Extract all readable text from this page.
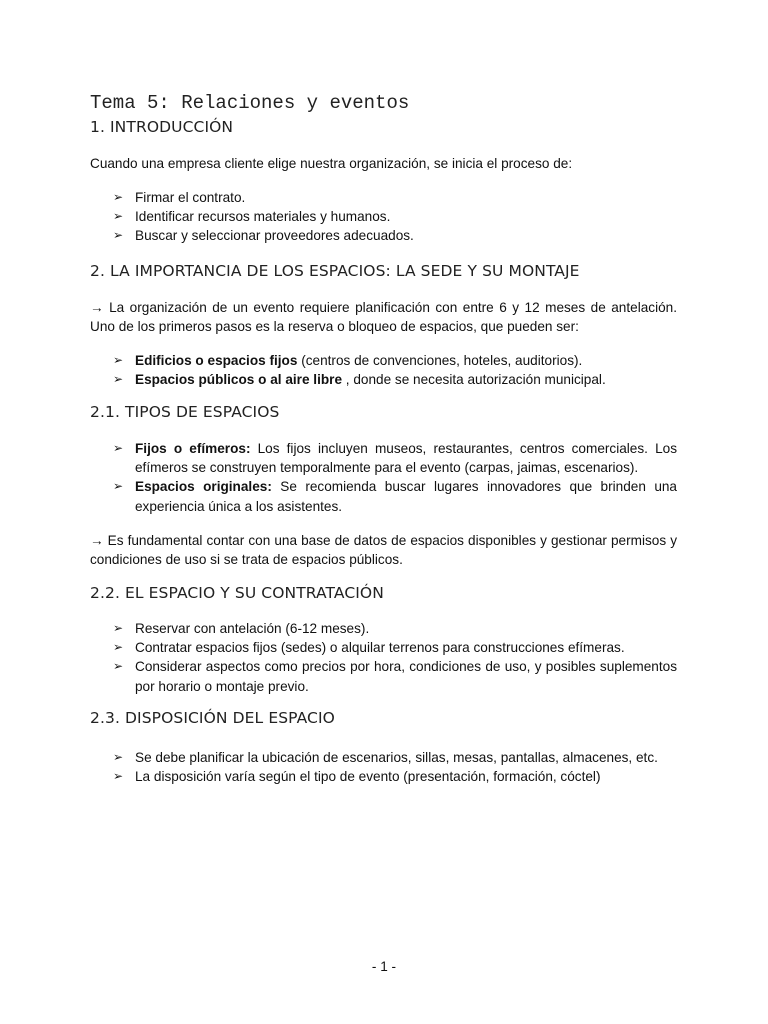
Tema 5: Relaciones y eventos
1. INTRODUCCIÓN

Cuando una empresa cliente elige nuestra organización, se inicia el proceso de:

➢ Firmar el contrato.
➢ Identificar recursos materiales y humanos.
➢ Buscar y seleccionar proveedores adecuados.
2. LA IMPORTANCIA DE LOS ESPACIOS: LA SEDE Y SU MONTAJE

→ La organización de un evento requiere planificación con entre 6 y 12 meses de antelación. Uno de los primeros pasos es la reserva o bloqueo de espacios, que pueden ser:

➢ Edificios o espacios fijos (centros de convenciones, hoteles, auditorios).
➢ Espacios públicos o al aire libre , donde se necesita autorización municipal.
2.1. TIPOS DE ESPACIOS
➢ Fijos o efímeros: Los fijos incluyen museos, restaurantes, centros comerciales. Los efímeros se construyen temporalmente para el evento (carpas, jaimas, escenarios).
➢ Espacios originales: Se recomienda buscar lugares innovadores que brinden una experiencia única a los asistentes.

→ Es fundamental contar con una base de datos de espacios disponibles y gestionar permisos y condiciones de uso si se trata de espacios públicos.

2.2. EL ESPACIO Y SU CONTRATACIÓN
➢ Reservar con antelación (6-12 meses).
➢ Contratar espacios fijos (sedes) o alquilar terrenos para construcciones efímeras.
➢ Considerar aspectos como precios por hora, condiciones de uso, y posibles suplementos por horario o montaje previo.
2.3. DISPOSICIÓN DEL ESPACIO
➢ Se debe planificar la ubicación de escenarios, sillas, mesas, pantallas, almacenes, etc.
➢ La disposición varía según el tipo de evento (presentación, formación, cóctel)
- 1 -
